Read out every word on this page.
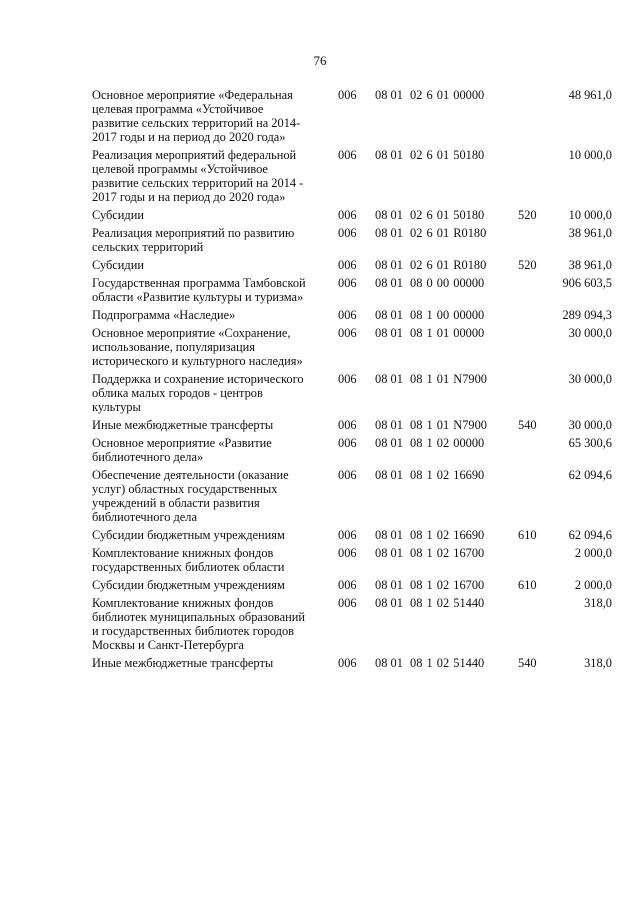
76
Основное мероприятие «Федеральная целевая программа «Устойчивое развитие сельских территорий на 2014-2017 годы и на период до 2020 года»	006	08 01	02 6 01 00000		48 961,0

Реализация мероприятий федеральной целевой программы «Устойчивое развитие сельских территорий на 2014 - 2017 годы и на период до 2020 года»	006	08 01	02 6 01 50180		10 000,0

Субсидии	006	08 01	02 6 01 50180	520	10 000,0

Реализация мероприятий по развитию сельских территорий	006	08 01	02 6 01 R0180		38 961,0

Субсидии	006	08 01	02 6 01 R0180	520	38 961,0

Государственная программа Тамбовской области «Развитие культуры и туризма»	006	08 01	08 0 00 00000		906 603,5

Подпрограмма «Наследие»	006	08 01	08 1 00 00000		289 094,3

Основное мероприятие «Сохранение, использование, популяризация исторического и культурного наследия»	006	08 01	08 1 01 00000		30 000,0

Поддержка и сохранение исторического облика малых городов - центров культуры	006	08 01	08 1 01 N7900		30 000,0

Иные межбюджетные трансферты	006	08 01	08 1 01 N7900	540	30 000,0

Основное мероприятие «Развитие библиотечного дела»	006	08 01	08 1 02 00000		65 300,6

Обеспечение деятельности (оказание услуг) областных государственных учреждений в области развития библиотечного дела	006	08 01	08 1 02 16690		62 094,6

Субсидии бюджетным учреждениям	006	08 01	08 1 02 16690	610	62 094,6

Комплектование книжных фондов государственных библиотек области	006	08 01	08 1 02 16700		2 000,0

Субсидии бюджетным учреждениям	006	08 01	08 1 02 16700	610	2 000,0

Комплектование книжных фондов библиотек муниципальных образований и государственных библиотек городов Москвы и Санкт-Петербурга	006	08 01	08 1 02 51440		318,0

Иные межбюджетные трансферты	006	08 01	08 1 02 51440	540	318,0
